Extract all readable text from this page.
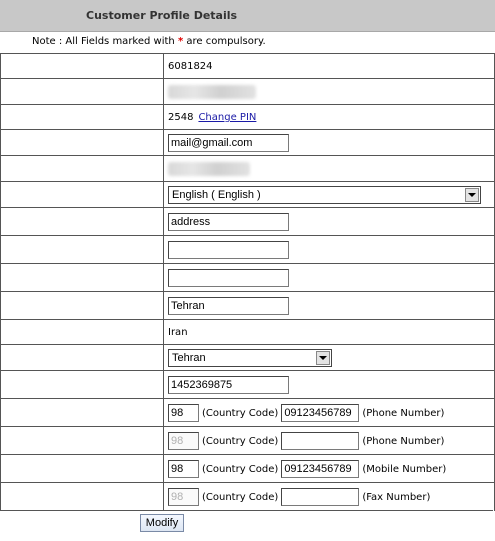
Customer Profile Details
Note : All Fields marked with * are compulsory.
6081824
2548 Change PIN
mail@gmail.com
English ( English )
address
Tehran
Iran
Tehran
1452369875
98	(Country Code) 09123456789	(Phone Number)
98	(Country Code)	(Phone Number)
98	(Country Code) 09123456789	(Mobile Number)
98	(Country Code)	(Fax Number)
Modify
